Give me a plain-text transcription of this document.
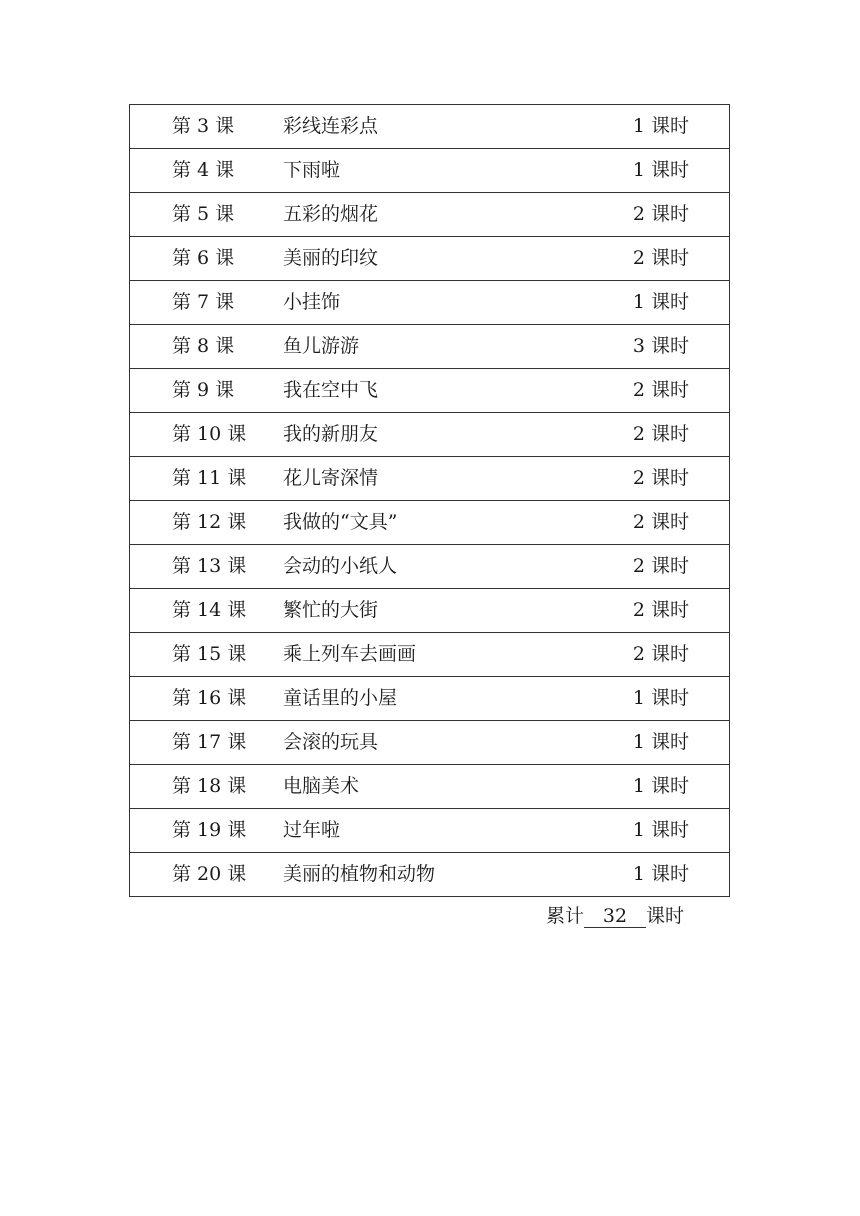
第 3 课	彩线连彩点	1 课时
第 4 课	下雨啦	1 课时
第 5 课	五彩的烟花	2 课时
第 6 课	美丽的印纹	2 课时
第 7 课	小挂饰	1 课时
第 8 课	鱼儿游游	3 课时
第 9 课	我在空中飞	2 课时
第 10 课	我的新朋友	2 课时
第 11 课	花儿寄深情	2 课时
第 12 课	我做的“文具”	2 课时
第 13 课	会动的小纸人	2 课时
第 14 课	繁忙的大街	2 课时
第 15 课	乘上列车去画画	2 课时
第 16 课	童话里的小屋	1 课时
第 17 课	会滚的玩具	1 课时
第 18 课	电脑美术	1 课时
第 19 课	过年啦	1 课时
第 20 课	美丽的植物和动物	1 课时
累计 32 课时
